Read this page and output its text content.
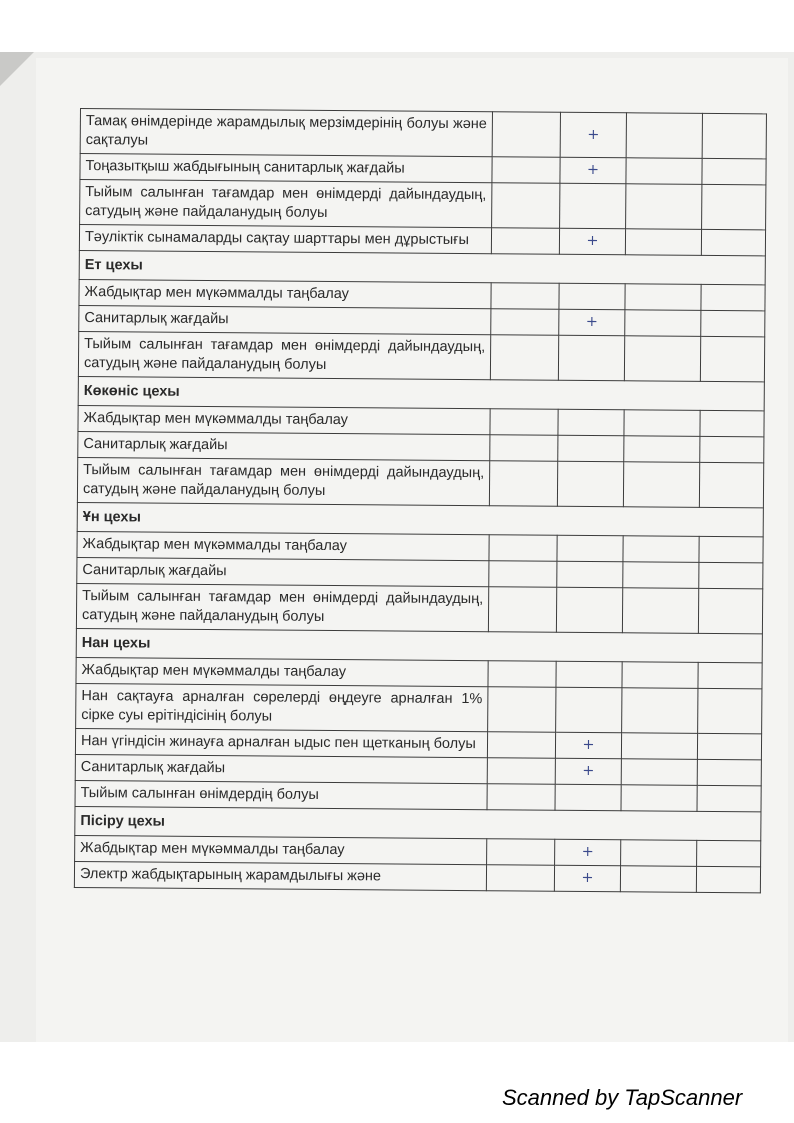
Тамақ өнімдерінде жарамдылық мерзімдерінің болуы және сақталуы		+		
Тоңазытқыш жабдығының санитарлық жағдайы		+		
Тыйым салынған тағамдар мен өнімдерді дайындаудың, сатудың және пайдаланудың болуы				
Тәуліктік сынамаларды сақтау шарттары мен дұрыстығы		+		
Ет цехы				
Жабдықтар мен мүкәммалды таңбалау				
Санитарлық жағдайы		+		
Тыйым салынған тағамдар мен өнімдерді дайындаудың, сатудың және пайдаланудың болуы				
Көкөніс цехы				
Жабдықтар мен мүкәммалды таңбалау				
Санитарлық жағдайы				
Тыйым салынған тағамдар мен өнімдерді дайындаудың, сатудың және пайдаланудың болуы				
Ұн цехы				
Жабдықтар мен мүкәммалды таңбалау				
Санитарлық жағдайы				
Тыйым салынған тағамдар мен өнімдерді дайындаудың, сатудың және пайдаланудың болуы				
Нан цехы				
Жабдықтар мен мүкәммалды таңбалау				
Нан сақтауға арналған сөрелерді өңдеуге арналған 1% сірке суы ерітіндісінің болуы				
Нан үгіндісін жинауға арналған ыдыс пен щетканың болуы		+		
Санитарлық жағдайы		+		
Тыйым салынған өнімдердің болуы				
Пісіру цехы				
Жабдықтар мен мүкәммалды таңбалау		+		
Электр жабдықтарының жарамдылығы және		+		
Scanned by TapScanner
